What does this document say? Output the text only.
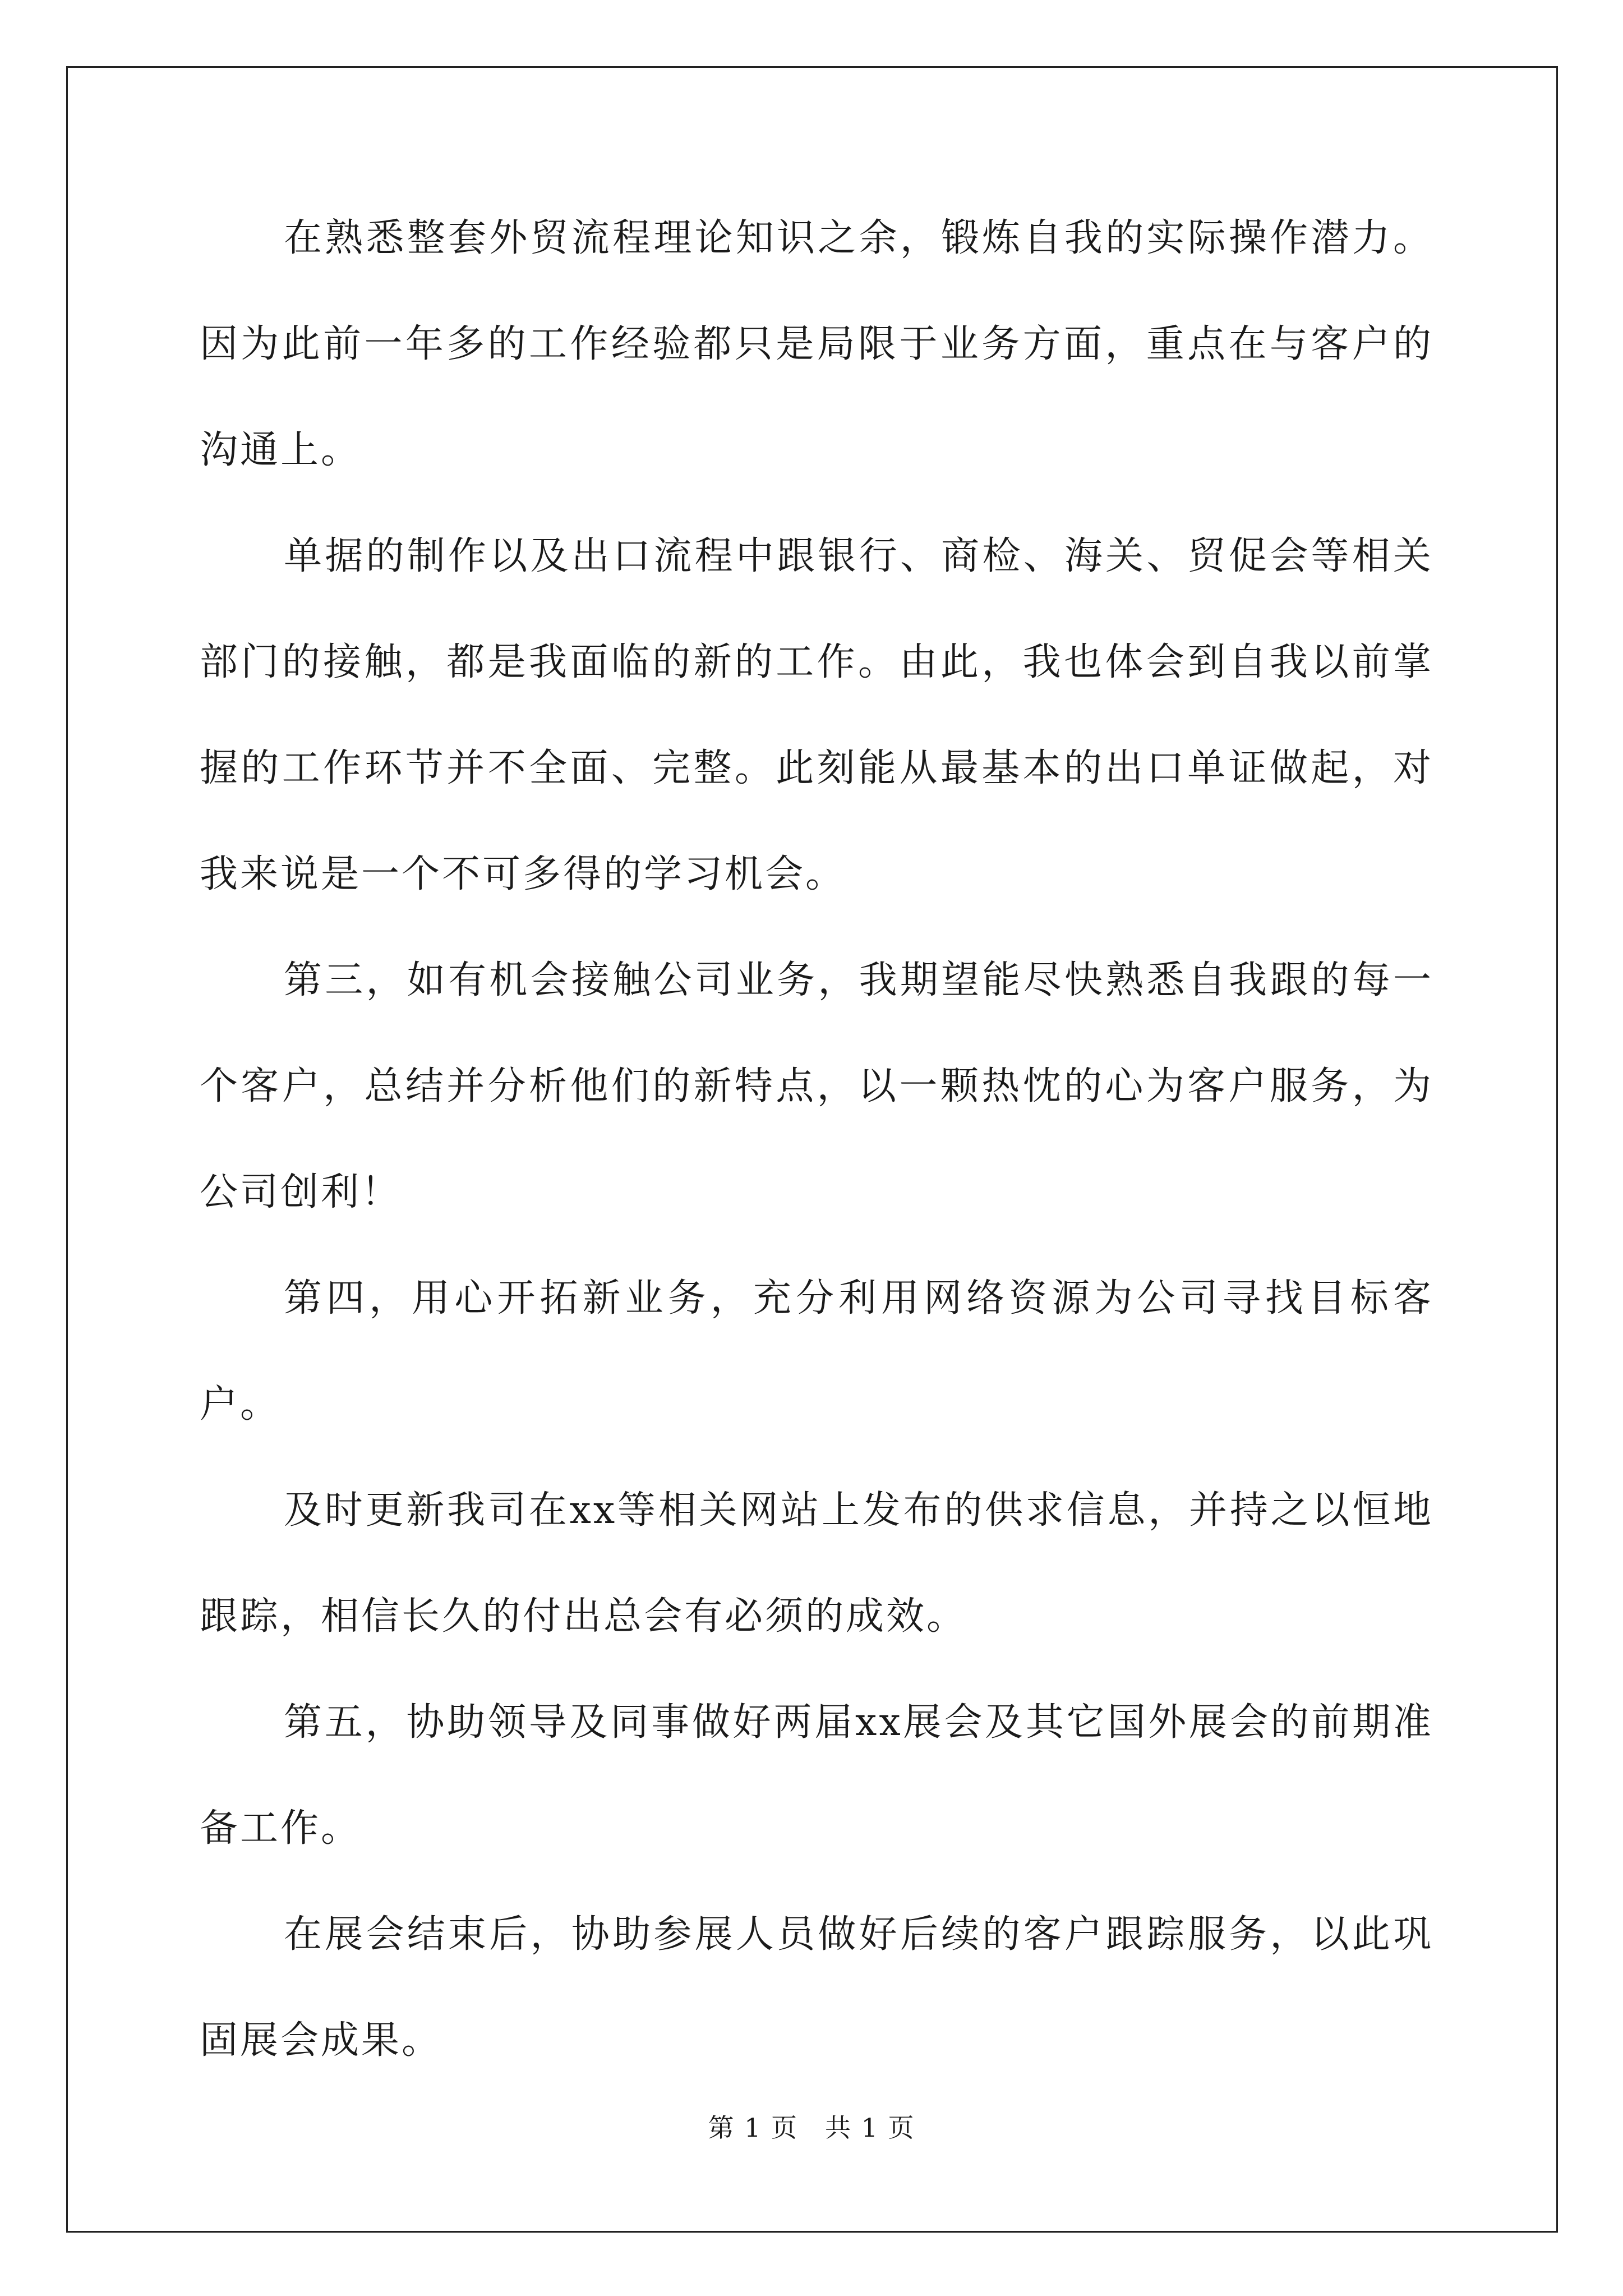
在熟悉整套外贸流程理论知识之余，锻炼自我的实际操作潜力。因为此前一年多的工作经验都只是局限于业务方面，重点在与客户的沟通上。

单据的制作以及出口流程中跟银行、商检、海关、贸促会等相关部门的接触，都是我面临的新的工作。由此，我也体会到自我以前掌握的工作环节并不全面、完整。此刻能从最基本的出口单证做起，对我来说是一个不可多得的学习机会。

第三，如有机会接触公司业务，我期望能尽快熟悉自我跟的每一个客户，总结并分析他们的新特点，以一颗热忱的心为客户服务，为公司创利！

第四，用心开拓新业务，充分利用网络资源为公司寻找目标客户。

及时更新我司在xx等相关网站上发布的供求信息，并持之以恒地跟踪，相信长久的付出总会有必须的成效。

第五，协助领导及同事做好两届xx展会及其它国外展会的前期准备工作。

在展会结束后，协助参展人员做好后续的客户跟踪服务，以此巩固展会成果。

第 1 页　共 1 页
